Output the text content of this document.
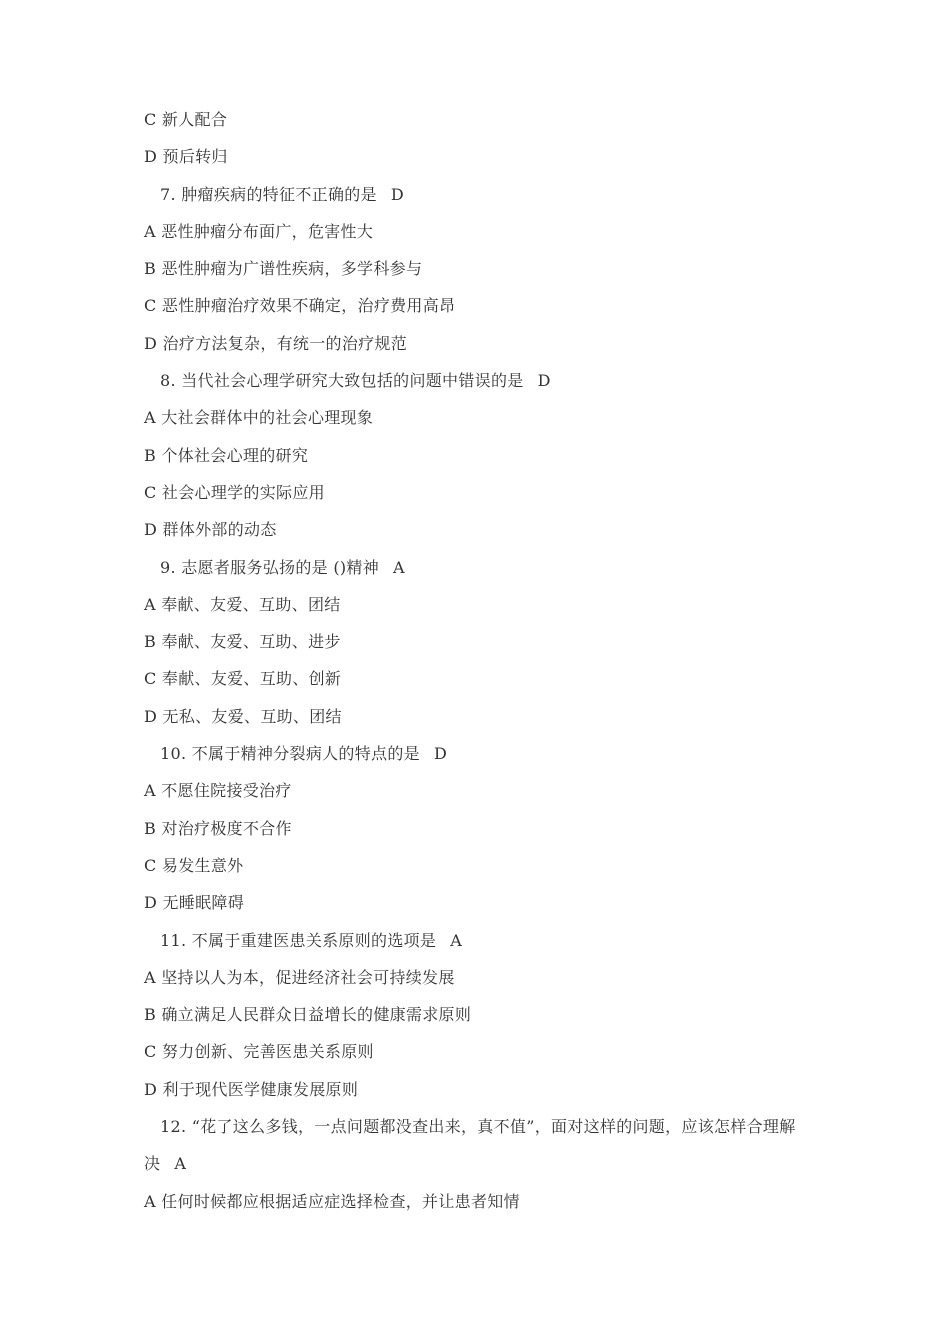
C 新人配合
D 预后转归
7. 肿瘤疾病的特征不正确的是 D
A 恶性肿瘤分布面广，危害性大
B 恶性肿瘤为广谱性疾病，多学科参与
C 恶性肿瘤治疗效果不确定，治疗费用高昂
D 治疗方法复杂，有统一的治疗规范
8. 当代社会心理学研究大致包括的问题中错误的是 D
A 大社会群体中的社会心理现象
B 个体社会心理的研究
C 社会心理学的实际应用
D 群体外部的动态
9. 志愿者服务弘扬的是 ()精神 A
A 奉献、友爱、互助、团结
B 奉献、友爱、互助、进步
C 奉献、友爱、互助、创新
D 无私、友爱、互助、团结
10. 不属于精神分裂病人的特点的是 D
A 不愿住院接受治疗
B 对治疗极度不合作
C 易发生意外
D 无睡眠障碍
11. 不属于重建医患关系原则的选项是 A
A 坚持以人为本，促进经济社会可持续发展
B 确立满足人民群众日益增长的健康需求原则
C 努力创新、完善医患关系原则
D 利于现代医学健康发展原则
12. “花了这么多钱，一点问题都没查出来，真不值”，面对这样的问题，应该怎样合理解
决 A
A 任何时候都应根据适应症选择检查，并让患者知情
